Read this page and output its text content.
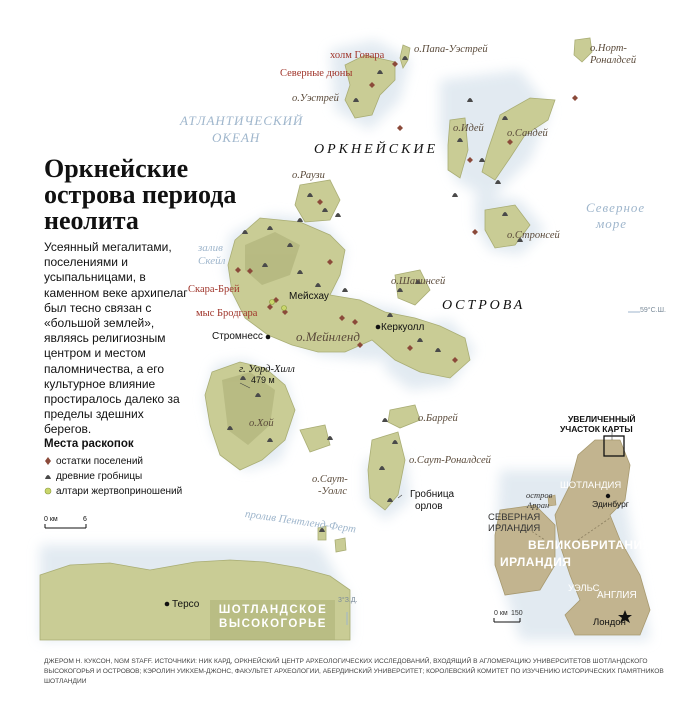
Оркнейские
острова периода
неолита
Усеянный мегалитами, поселениями и усыпальницами, в каменном веке архипелаг был тесно связан с «большой землей», являясь религиозным центром и местом паломничества, а его культурное влияние простиралось далеко за пределы здешних берегов.
АТЛАНТИЧЕСКИЙ
ОКЕАН
Северное
море
залив
Скейл
пролив Пентленд-Ферт
ОРКНЕЙСКИЕ
ОСТРОВА
ШОТЛАНДСКОЕ
ВЫСОКОГОРЬЕ
о.Папа-Уэстрей	о.Норт-
Роналдсей
о.Уэстрей
о.Идей о.Сандей
о.Раузи
о.Стронсей
о.Шапинсей
о.Мейнленд
о.Хой	о.Баррей
о.Саут-Роналдсей
о.Саут-
-Уоллс
холм Говара
Северные дюны
Скара-Брей
мыс Бродгара
Мейсхау
Стромнесс
Керкуолл
г. Уорд-Хилл
479 м
Гробница
орлов
Терсо
59°С.Ш.
3°З.Д.
Места раскопок
остатки поселений
древние гробницы
алтари жертвоприношений
0 км	6
УВЕЛИЧЕННЫЙ
УЧАСТОК КАРТЫ
ШОТЛАНДИЯ
Эдинбург
остров
Арран
СЕВЕРНАЯ
ИРЛАНДИЯ
ВЕЛИКОБРИТАНИЯ
ИРЛАНДИЯ
УЭЛЬС
АНГЛИЯ
Лондон
0 км 150
ДЖЕРОМ Н. КУКСОН, NGM STAFF. ИСТОЧНИКИ: НИК КАРД, ОРКНЕЙСКИЙ ЦЕНТР АРХЕОЛОГИЧЕСКИХ ИССЛЕДОВАНИЙ, ВХОДЯЩИЙ В АГЛОМЕРАЦИЮ УНИВЕРСИТЕТОВ ШОТЛАНДСКОГО ВЫСОКОГОРЬЯ И ОСТРОВОВ; КЭРОЛИН УИКХЕМ-ДЖОНС, ФАКУЛЬТЕТ АРХЕОЛОГИИ, АБЕРДИНСКИЙ УНИВЕРСИТЕТ; КОРОЛЕВСКИЙ КОМИТЕТ ПО ИЗУЧЕНИЮ ИСТОРИЧЕСКИХ ПАМЯТНИКОВ ШОТЛАНДИИ
